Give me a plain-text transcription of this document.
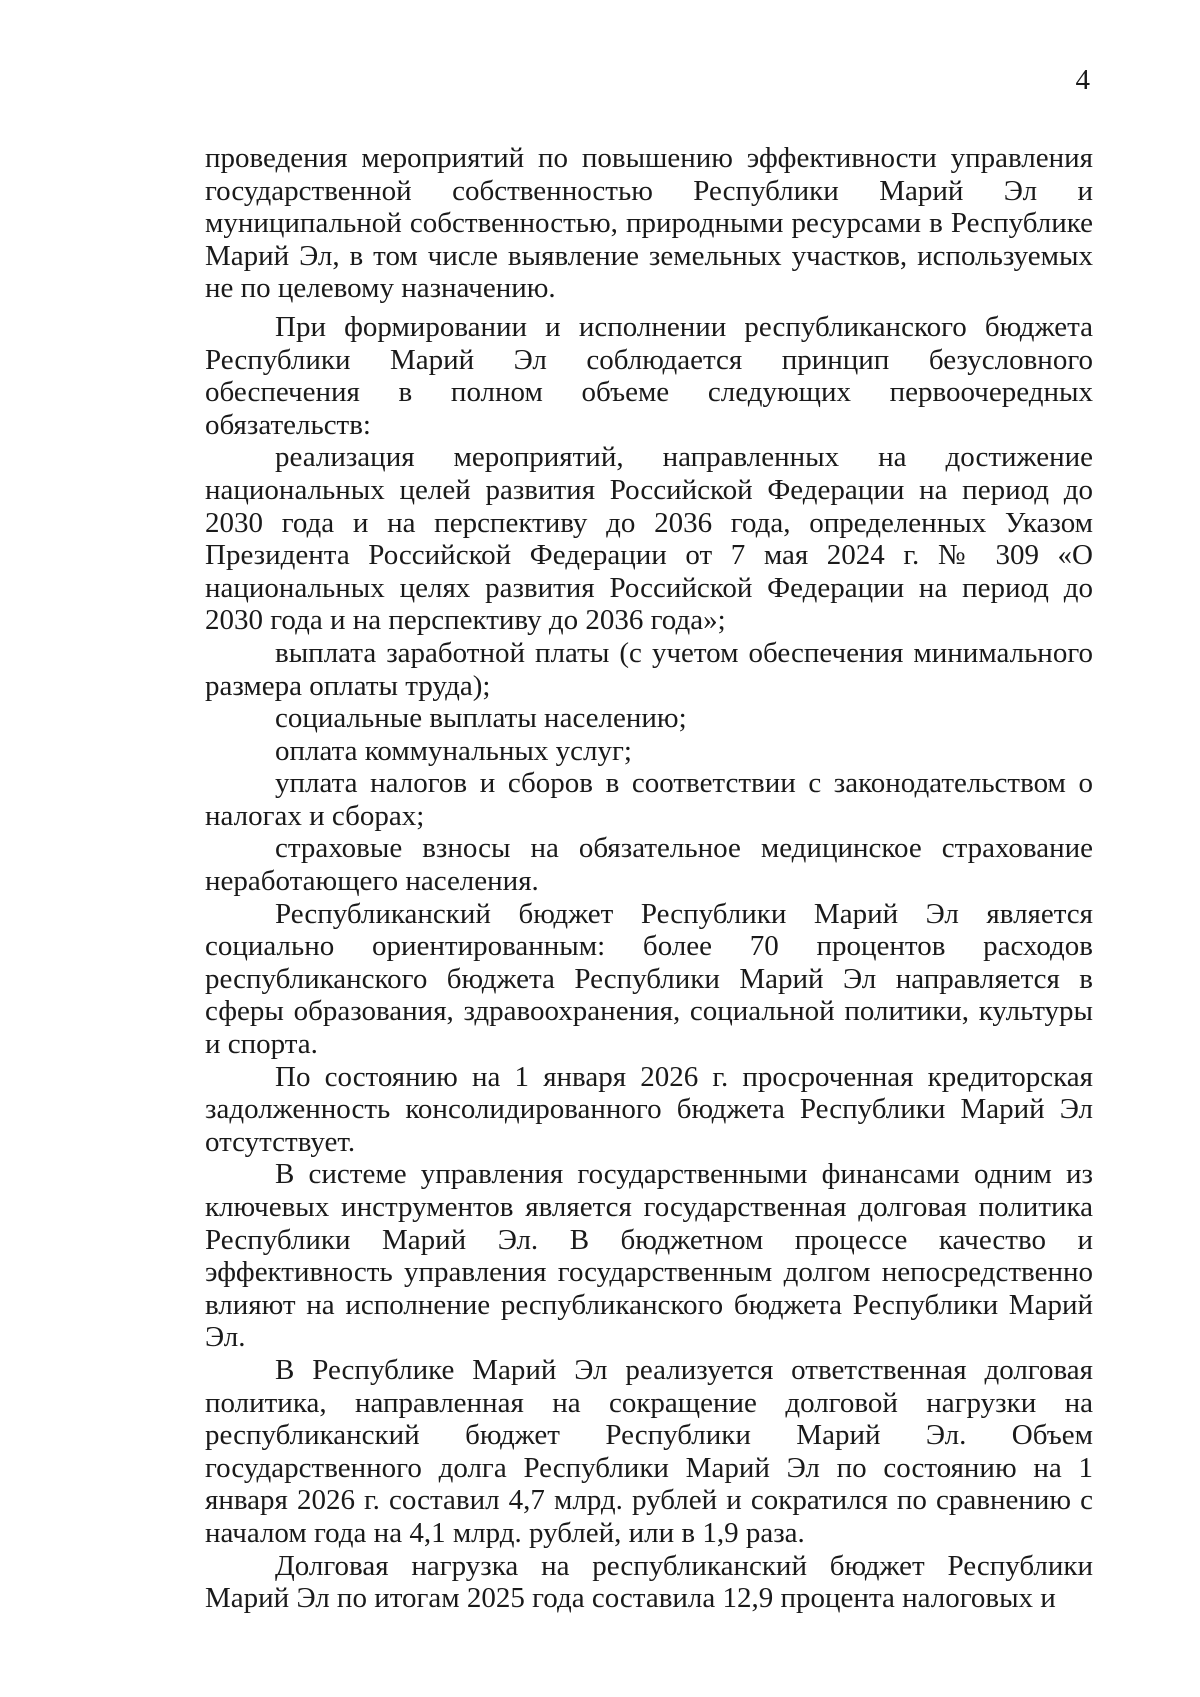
4

проведения мероприятий по повышению эффективности управления государственной собственностью Республики Марий Эл и муниципальной собственностью, природными ресурсами в Республике Марий Эл, в том числе выявление земельных участков, используемых не по целевому назначению.

При формировании и исполнении республиканского бюджета Республики Марий Эл соблюдается принцип безусловного обеспечения в полном объеме следующих первоочередных обязательств:

реализация мероприятий, направленных на достижение национальных целей развития Российской Федерации на период до 2030 года и на перспективу до 2036 года, определенных Указом Президента Российской Федерации от 7 мая 2024 г. № 309 «О национальных целях развития Российской Федерации на период до 2030 года и на перспективу до 2036 года»;

выплата заработной платы (с учетом обеспечения минимального размера оплаты труда);

социальные выплаты населению;

оплата коммунальных услуг;

уплата налогов и сборов в соответствии с законодательством о налогах и сборах;

страховые взносы на обязательное медицинское страхование неработающего населения.

Республиканский бюджет Республики Марий Эл является социально ориентированным: более 70 процентов расходов республиканского бюджета Республики Марий Эл направляется в сферы образования, здравоохранения, социальной политики, культуры и спорта.

По состоянию на 1 января 2026 г. просроченная кредиторская задолженность консолидированного бюджета Республики Марий Эл отсутствует.

В системе управления государственными финансами одним из ключевых инструментов является государственная долговая политика Республики Марий Эл. В бюджетном процессе качество и эффективность управления государственным долгом непосредственно влияют на исполнение республиканского бюджета Республики Марий Эл.

В Республике Марий Эл реализуется ответственная долговая политика, направленная на сокращение долговой нагрузки на республиканский бюджет Республики Марий Эл. Объем государственного долга Республики Марий Эл по состоянию на 1 января 2026 г. составил 4,7 млрд. рублей и сократился по сравнению с началом года на 4,1 млрд. рублей, или в 1,9 раза.

Долговая нагрузка на республиканский бюджет Республики Марий Эл по итогам 2025 года составила 12,9 процента налоговых и
